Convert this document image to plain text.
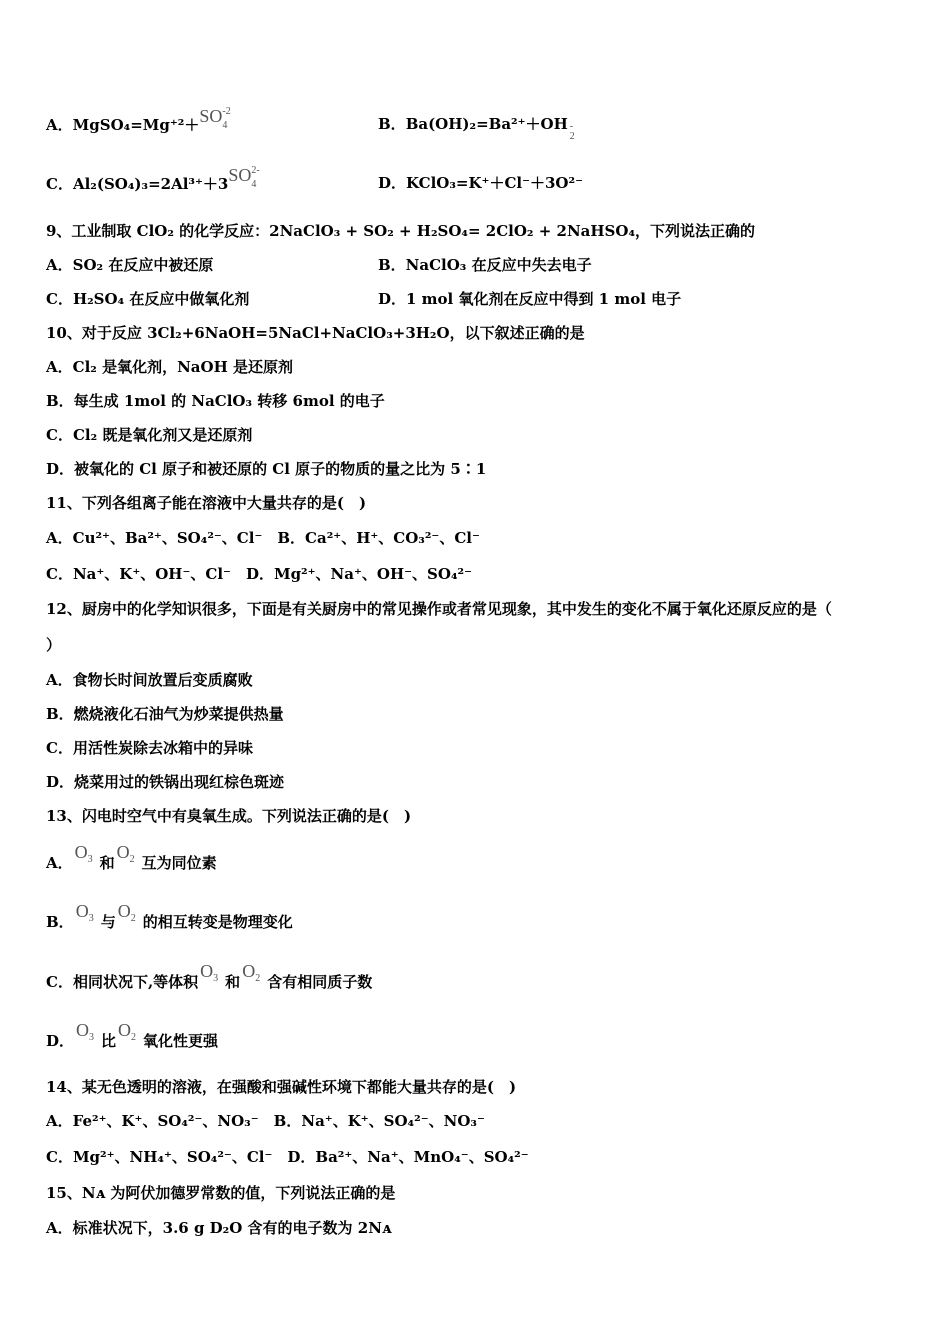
A．MgSO₄=Mg⁺²＋SO 4
-2
B．Ba(OH)₂=Ba²⁺＋OH -
2
C．Al₂(SO₄)₃=2Al³⁺＋3SO 4
2-
D．KClO₃=K⁺＋Cl⁻＋3O²⁻
9、工业制取 ClO₂ 的化学反应：2NaClO₃ + SO₂ + H₂SO₄= 2ClO₂ + 2NaHSO₄，下列说法正确的
A．SO₂ 在反应中被还原	B．NaClO₃ 在反应中失去电子
C．H₂SO₄ 在反应中做氧化剂	D．1 mol 氧化剂在反应中得到 1 mol 电子
10、对于反应 3Cl₂+6NaOH=5NaCl+NaClO₃+3H₂O，以下叙述正确的是
A．Cl₂ 是氧化剂，NaOH 是还原剂
B．每生成 1mol 的 NaClO₃ 转移 6mol 的电子
C．Cl₂ 既是氧化剂又是还原剂
D．被氧化的 Cl 原子和被还原的 Cl 原子的物质的量之比为 5∶1
11、下列各组离子能在溶液中大量共存的是(　)
A．Cu²⁺、Ba²⁺、SO₄²⁻、Cl⁻　B．Ca²⁺、H⁺、CO₃²⁻、Cl⁻
C．Na⁺、K⁺、OH⁻、Cl⁻　D．Mg²⁺、Na⁺、OH⁻、SO₄²⁻
12、厨房中的化学知识很多，下面是有关厨房中的常见操作或者常见现象，其中发生的变化不属于氧化还原反应的是（
）
A．食物长时间放置后变质腐败
B．燃烧液化石油气为炒菜提供热量
C．用活性炭除去冰箱中的异味
D．烧菜用过的铁锅出现红棕色斑迹
13、闪电时空气中有臭氧生成。下列说法正确的是(　)
A．O 3 和O 2 互为同位素
B．O 3 与O 2 的相互转变是物理变化
C．相同状况下,等体积O 3 和O 2 含有相同质子数
D．O 3 比O 2 氧化性更强
14、某无色透明的溶液，在强酸和强碱性环境下都能大量共存的是(　)
A．Fe²⁺、K⁺、SO₄²⁻、NO₃⁻　B．Na⁺、K⁺、SO₄²⁻、NO₃⁻
C．Mg²⁺、NH₄⁺、SO₄²⁻、Cl⁻　D．Ba²⁺、Na⁺、MnO₄⁻、SO₄²⁻
15、Nᴀ 为阿伏加德罗常数的值，下列说法正确的是
A．标准状况下，3.6 g D₂O 含有的电子数为 2Nᴀ
